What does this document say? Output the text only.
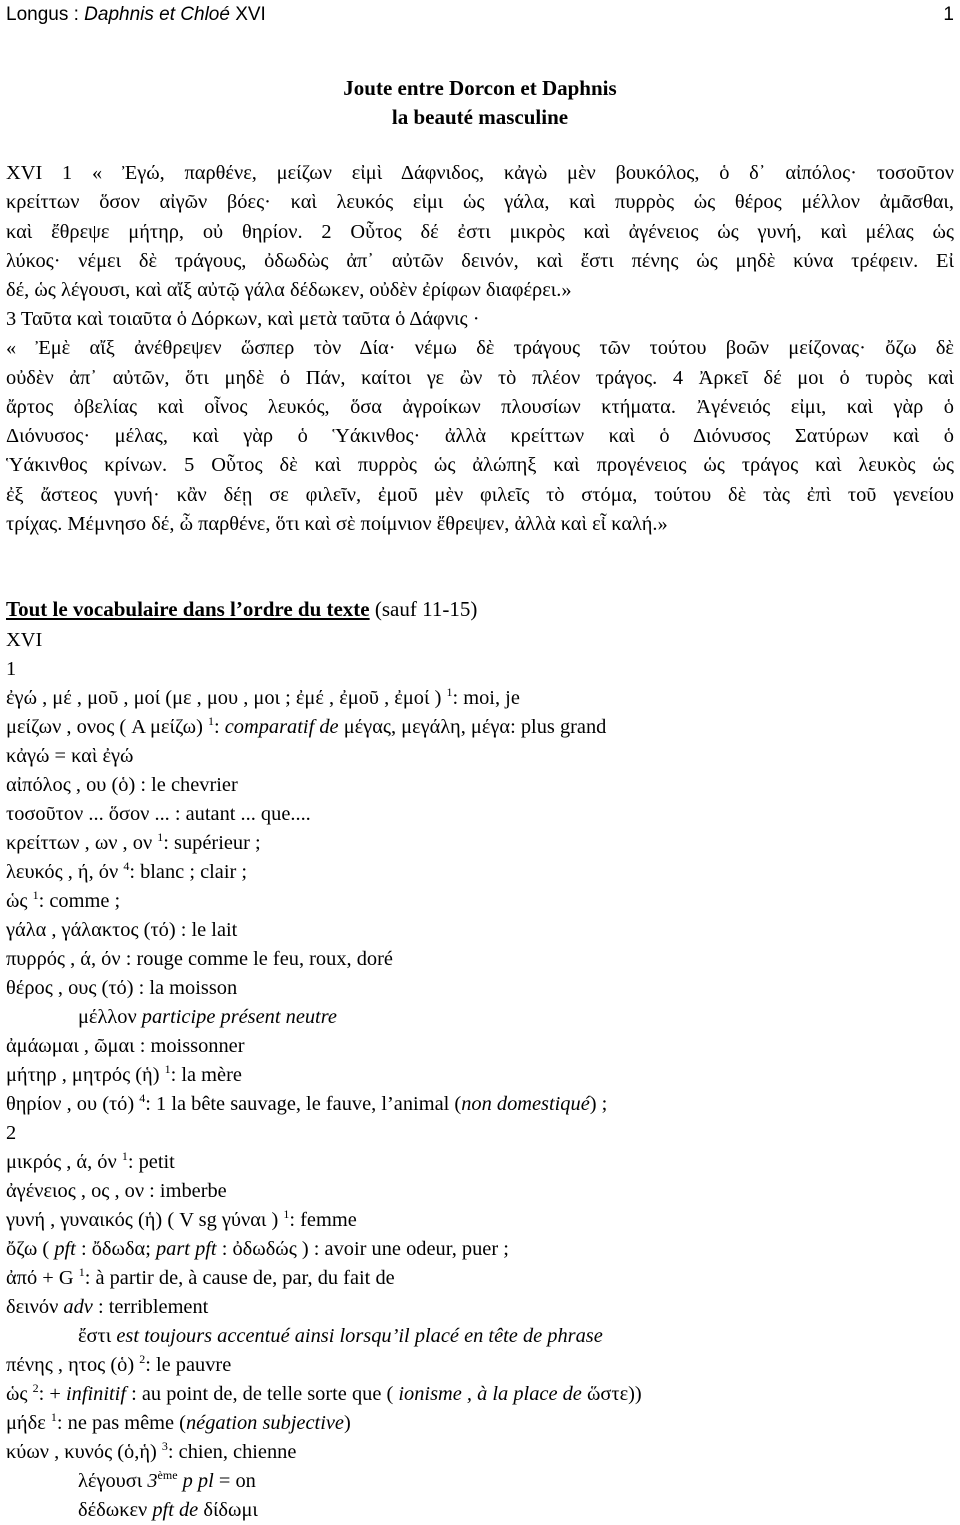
Longus : Daphnis et Chloé XVI	1
Joute entre Dorcon et Daphnis
la beauté masculine
XVI 1 « Ἐγώ, παρθένε, μείζων εἰμὶ Δάφνιδος, κἀγὼ μὲν βουκόλος, ὁ δ᾽ αἰπόλος· τοσοῦτον
κρείττων ὅσον αἰγῶν βόες· καὶ λευκός εἰμι ὡς γάλα, καὶ πυρρὸς ὡς θέρος μέλλον ἀμᾶσθαι,
καὶ ἔθρεψε μήτηρ, οὐ θηρίον. 2 Οὗτος δέ ἐστι μικρὸς καὶ ἀγένειος ὡς γυνή, καὶ μέλας ὡς
λύκος· νέμει δὲ τράγους, ὀδωδὼς ἀπ᾽ αὐτῶν δεινόν, καὶ ἔστι πένης ὡς μηδὲ κύνα τρέφειν. Εἰ
δέ, ὡς λέγουσι, καὶ αἴξ αὐτῷ γάλα δέδωκεν, οὐδὲν ἐρίφων διαφέρει.»
3 Ταῦτα καὶ τοιαῦτα ὁ Δόρκων, καὶ μετὰ ταῦτα ὁ Δάφνις ·
« Ἐμὲ αἴξ ἀνέθρεψεν ὥσπερ τὸν Δία· νέμω δὲ τράγους τῶν τούτου βοῶν μείζονας· ὄζω δὲ
οὐδὲν ἀπ᾽ αὐτῶν, ὅτι μηδὲ ὁ Πάν, καίτοι γε ὢν τὸ πλέον τράγος. 4 Ἀρκεῖ δέ μοι ὁ τυρὸς καὶ
ἄρτος ὀβελίας καὶ οἶνος λευκός, ὅσα ἀγροίκων πλουσίων κτήματα. Ἀγένειός εἰμι, καὶ γὰρ ὁ
Διόνυσος· μέλας, καὶ γὰρ ὁ Ὑάκινθος· ἀλλὰ κρείττων καὶ ὁ Διόνυσος Σατύρων καὶ ὁ
Ὑάκινθος κρίνων. 5 Οὗτος δὲ καὶ πυρρὸς ὡς ἀλώπηξ καὶ προγένειος ὡς τράγος καὶ λευκὸς ὡς
ἐξ ἄστεος γυνή· κἂν δέῃ σε φιλεῖν, ἐμοῦ μὲν φιλεῖς τὸ στόμα, τούτου δὲ τὰς ἐπὶ τοῦ γενείου
τρίχας. Μέμνησο δέ, ὦ παρθένε, ὅτι καὶ σὲ ποίμνιον ἔθρεψεν, ἀλλὰ καὶ εἶ καλή.»
Tout le vocabulaire dans l’ordre du texte (sauf 11-15)
XVI
1
ἐγώ , μέ , μοῦ , μοί (με , μου , μοι ; ἐμέ , ἐμοῦ , ἐμοί ) $^1$: moi, je
μείζων , ονος ( A μείζω) $^1$: comparatif de μέγας, μεγάλη, μέγα: plus grand
κἀγώ = καὶ ἐγώ
αἰπόλος , ου (ὁ) : le chevrier
τοσοῦτον ... ὅσον ... : autant ... que....
κρείττων , ων , ον $^1$: supérieur ;
λευκός , ή, όν $^4$: blanc ; clair ;
ὡς $^1$: comme ;
γάλα , γάλακτος (τό) : le lait
πυρρός , ά, όν : rouge comme le feu, roux, doré
θέρος , ους (τό) : la moisson
μέλλον participe présent neutre
ἀμάωμαι , ῶμαι : moissonner
μήτηρ , μητρός (ἡ) $^1$: la mère
θηρίον , ου (τό) $^4$: 1 la bête sauvage, le fauve, l’animal (non domestiqué) ;
2
μικρός , ά, όν $^1$: petit
ἀγένειος , ος , ον : imberbe
γυνή , γυναικός (ἡ) ( V sg γύναι ) $^1$: femme
ὄζω ( pft : ὄδωδα; part pft : ὀδωδώς ) : avoir une odeur, puer ;
ἀπό + G $^1$: à partir de, à cause de, par, du fait de
δεινόν adv : terriblement
ἔστι est toujours accentué ainsi lorsqu’il placé en tête de phrase
πένης , ητος (ὁ) $^2$: le pauvre
ὡς $^2$: + infinitif : au point de, de telle sorte que ( ionisme , à la place de ὥστε))
μήδε $^1$: ne pas même (négation subjective)
κύων , κυνός (ὁ,ἡ) $^3$: chien, chienne
λέγουσι 3ème p pl = on
δέδωκεν pft de δίδωμι
